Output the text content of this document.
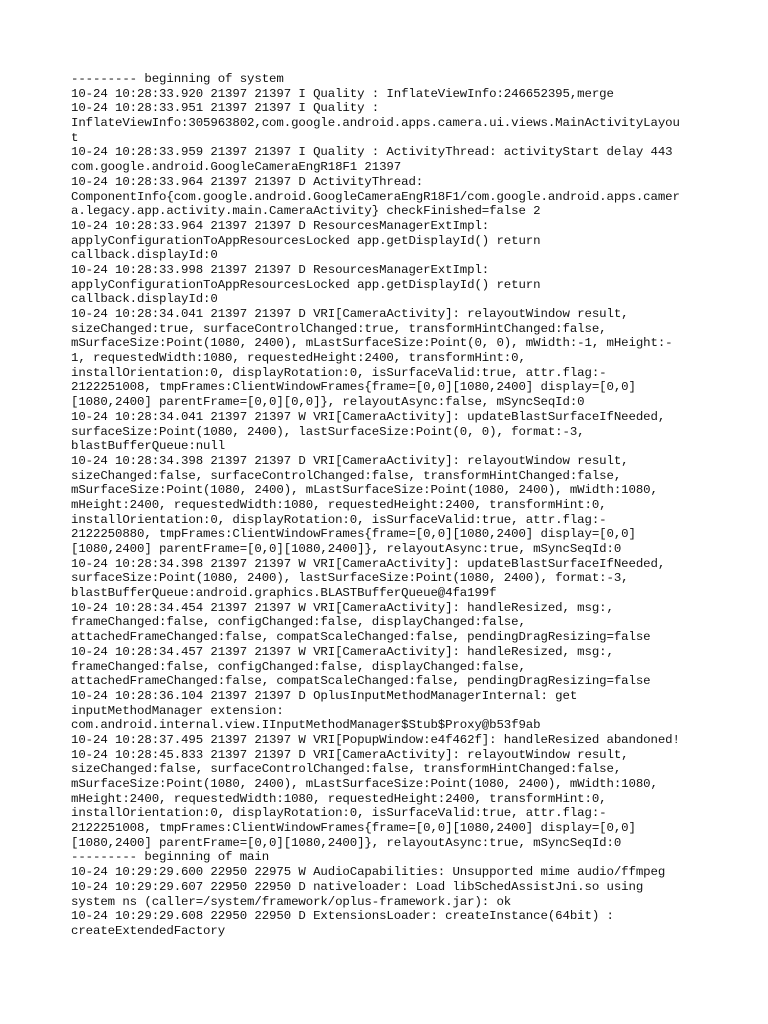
--------- beginning of system
10-24 10:28:33.920 21397 21397 I Quality : InflateViewInfo:246652395,merge
10-24 10:28:33.951 21397 21397 I Quality :
InflateViewInfo:305963802,com.google.android.apps.camera.ui.views.MainActivityLayou
t
10-24 10:28:33.959 21397 21397 I Quality : ActivityThread: activityStart delay 443
com.google.android.GoogleCameraEngR18F1 21397
10-24 10:28:33.964 21397 21397 D ActivityThread:
ComponentInfo{com.google.android.GoogleCameraEngR18F1/com.google.android.apps.camer
a.legacy.app.activity.main.CameraActivity} checkFinished=false 2
10-24 10:28:33.964 21397 21397 D ResourcesManagerExtImpl:
applyConfigurationToAppResourcesLocked app.getDisplayId() return
callback.displayId:0
10-24 10:28:33.998 21397 21397 D ResourcesManagerExtImpl:
applyConfigurationToAppResourcesLocked app.getDisplayId() return
callback.displayId:0
10-24 10:28:34.041 21397 21397 D VRI[CameraActivity]: relayoutWindow result,
sizeChanged:true, surfaceControlChanged:true, transformHintChanged:false,
mSurfaceSize:Point(1080, 2400), mLastSurfaceSize:Point(0, 0), mWidth:-1, mHeight:-
1, requestedWidth:1080, requestedHeight:2400, transformHint:0,
installOrientation:0, displayRotation:0, isSurfaceValid:true, attr.flag:-
2122251008, tmpFrames:ClientWindowFrames{frame=[0,0][1080,2400] display=[0,0]
[1080,2400] parentFrame=[0,0][0,0]}, relayoutAsync:false, mSyncSeqId:0
10-24 10:28:34.041 21397 21397 W VRI[CameraActivity]: updateBlastSurfaceIfNeeded,
surfaceSize:Point(1080, 2400), lastSurfaceSize:Point(0, 0), format:-3,
blastBufferQueue:null
10-24 10:28:34.398 21397 21397 D VRI[CameraActivity]: relayoutWindow result,
sizeChanged:false, surfaceControlChanged:false, transformHintChanged:false,
mSurfaceSize:Point(1080, 2400), mLastSurfaceSize:Point(1080, 2400), mWidth:1080,
mHeight:2400, requestedWidth:1080, requestedHeight:2400, transformHint:0,
installOrientation:0, displayRotation:0, isSurfaceValid:true, attr.flag:-
2122250880, tmpFrames:ClientWindowFrames{frame=[0,0][1080,2400] display=[0,0]
[1080,2400] parentFrame=[0,0][1080,2400]}, relayoutAsync:true, mSyncSeqId:0
10-24 10:28:34.398 21397 21397 W VRI[CameraActivity]: updateBlastSurfaceIfNeeded,
surfaceSize:Point(1080, 2400), lastSurfaceSize:Point(1080, 2400), format:-3,
blastBufferQueue:android.graphics.BLASTBufferQueue@4fa199f
10-24 10:28:34.454 21397 21397 W VRI[CameraActivity]: handleResized, msg:,
frameChanged:false, configChanged:false, displayChanged:false,
attachedFrameChanged:false, compatScaleChanged:false, pendingDragResizing=false
10-24 10:28:34.457 21397 21397 W VRI[CameraActivity]: handleResized, msg:,
frameChanged:false, configChanged:false, displayChanged:false,
attachedFrameChanged:false, compatScaleChanged:false, pendingDragResizing=false
10-24 10:28:36.104 21397 21397 D OplusInputMethodManagerInternal: get
inputMethodManager extension:
com.android.internal.view.IInputMethodManager$Stub$Proxy@b53f9ab
10-24 10:28:37.495 21397 21397 W VRI[PopupWindow:e4f462f]: handleResized abandoned!
10-24 10:28:45.833 21397 21397 D VRI[CameraActivity]: relayoutWindow result,
sizeChanged:false, surfaceControlChanged:false, transformHintChanged:false,
mSurfaceSize:Point(1080, 2400), mLastSurfaceSize:Point(1080, 2400), mWidth:1080,
mHeight:2400, requestedWidth:1080, requestedHeight:2400, transformHint:0,
installOrientation:0, displayRotation:0, isSurfaceValid:true, attr.flag:-
2122251008, tmpFrames:ClientWindowFrames{frame=[0,0][1080,2400] display=[0,0]
[1080,2400] parentFrame=[0,0][1080,2400]}, relayoutAsync:true, mSyncSeqId:0
--------- beginning of main
10-24 10:29:29.600 22950 22975 W AudioCapabilities: Unsupported mime audio/ffmpeg
10-24 10:29:29.607 22950 22950 D nativeloader: Load libSchedAssistJni.so using
system ns (caller=/system/framework/oplus-framework.jar): ok
10-24 10:29:29.608 22950 22950 D ExtensionsLoader: createInstance(64bit) :
createExtendedFactory
